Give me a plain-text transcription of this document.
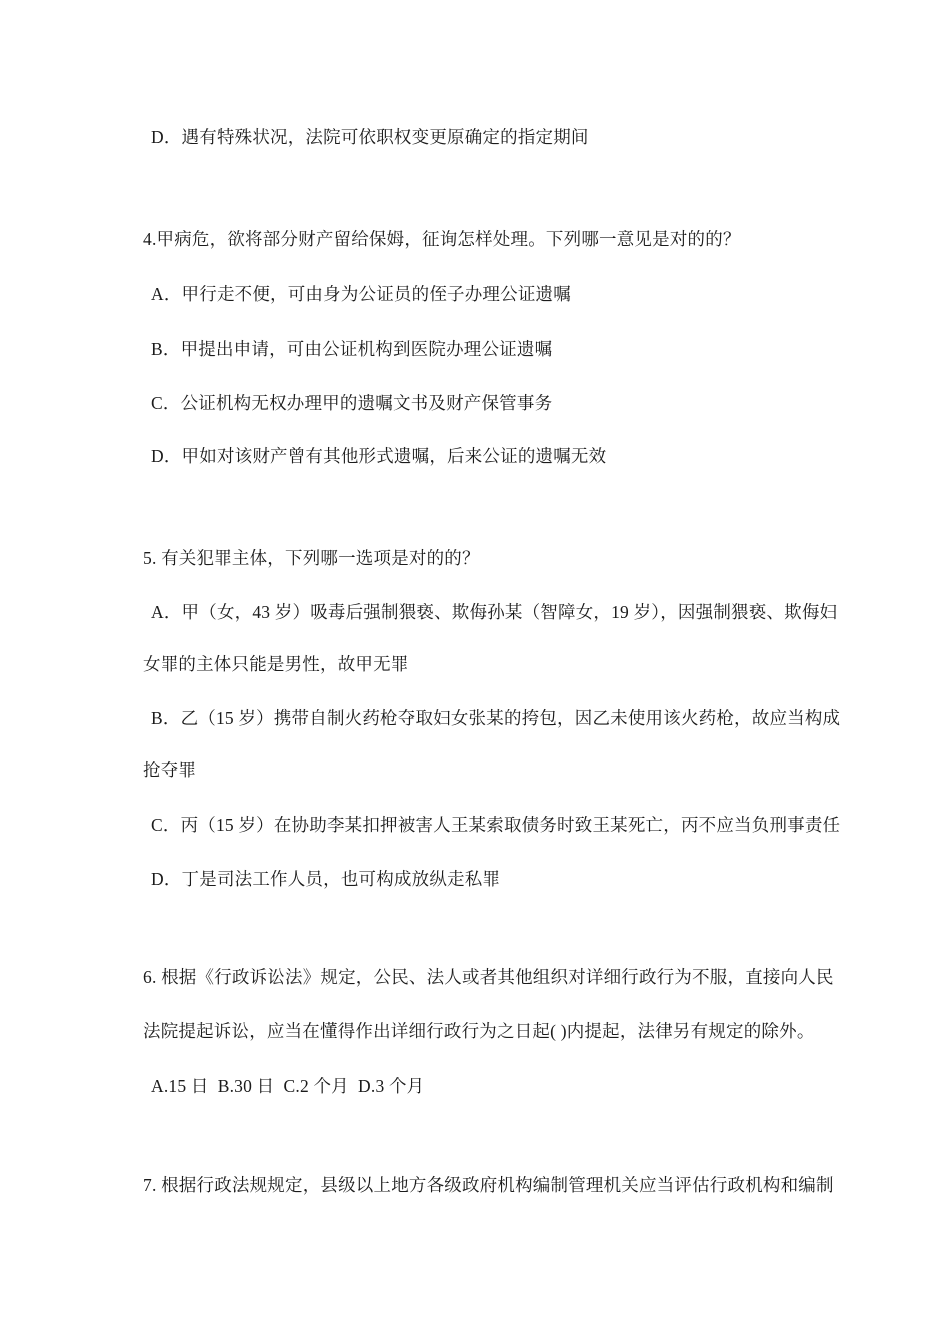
D．遇有特殊状况，法院可依职权变更原确定的指定期间
4.甲病危，欲将部分财产留给保姆，征询怎样处理。下列哪一意见是对的的？
A．甲行走不便，可由身为公证员的侄子办理公证遗嘱
B．甲提出申请，可由公证机构到医院办理公证遗嘱
C．公证机构无权办理甲的遗嘱文书及财产保管事务
D．甲如对该财产曾有其他形式遗嘱，后来公证的遗嘱无效
5. 有关犯罪主体，下列哪一选项是对的的？
A．甲（女，43 岁）吸毒后强制猥亵、欺侮孙某（智障女，19 岁），因强制猥亵、欺侮妇
女罪的主体只能是男性，故甲无罪
B．乙（15 岁）携带自制火药枪夺取妇女张某的挎包，因乙未使用该火药枪，故应当构成
抢夺罪
C．丙（15 岁）在协助李某扣押被害人王某索取债务时致王某死亡，丙不应当负刑事责任
D．丁是司法工作人员，也可构成放纵走私罪
6. 根据《行政诉讼法》规定，公民、法人或者其他组织对详细行政行为不服，直接向人民
法院提起诉讼，应当在懂得作出详细行政行为之日起( )内提起，法律另有规定的除外。
A.15 日  B.30 日  C.2 个月  D.3 个月
7. 根据行政法规规定，县级以上地方各级政府机构编制管理机关应当评估行政机构和编制
